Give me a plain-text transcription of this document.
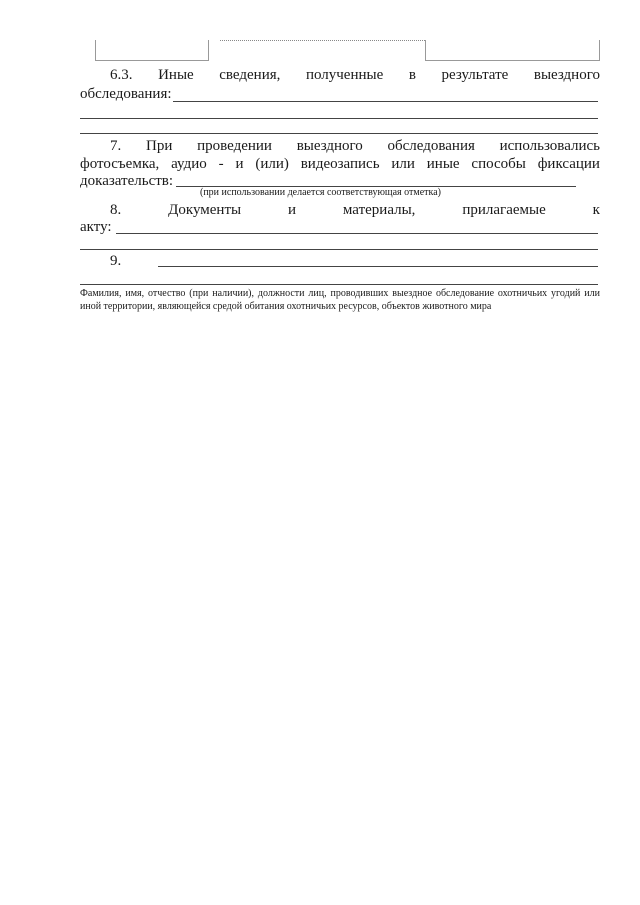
6.3. Иные сведения, полученные в результате выездного
обследования:
7. При проведении выездного обследования использовались
фотосъемка, аудио - и (или) видеозапись или иные способы фиксации
доказательств:
(при использовании делается соответствующая отметка)
8.	Документы	и	материалы,	прилагаемые	к
акту:
9.
Фамилия, имя, отчество (при наличии), должности лиц, проводивших выездное обследование охотничьих угодий или иной территории, являющейся средой обитания охотничьих ресурсов, объектов животного мира
